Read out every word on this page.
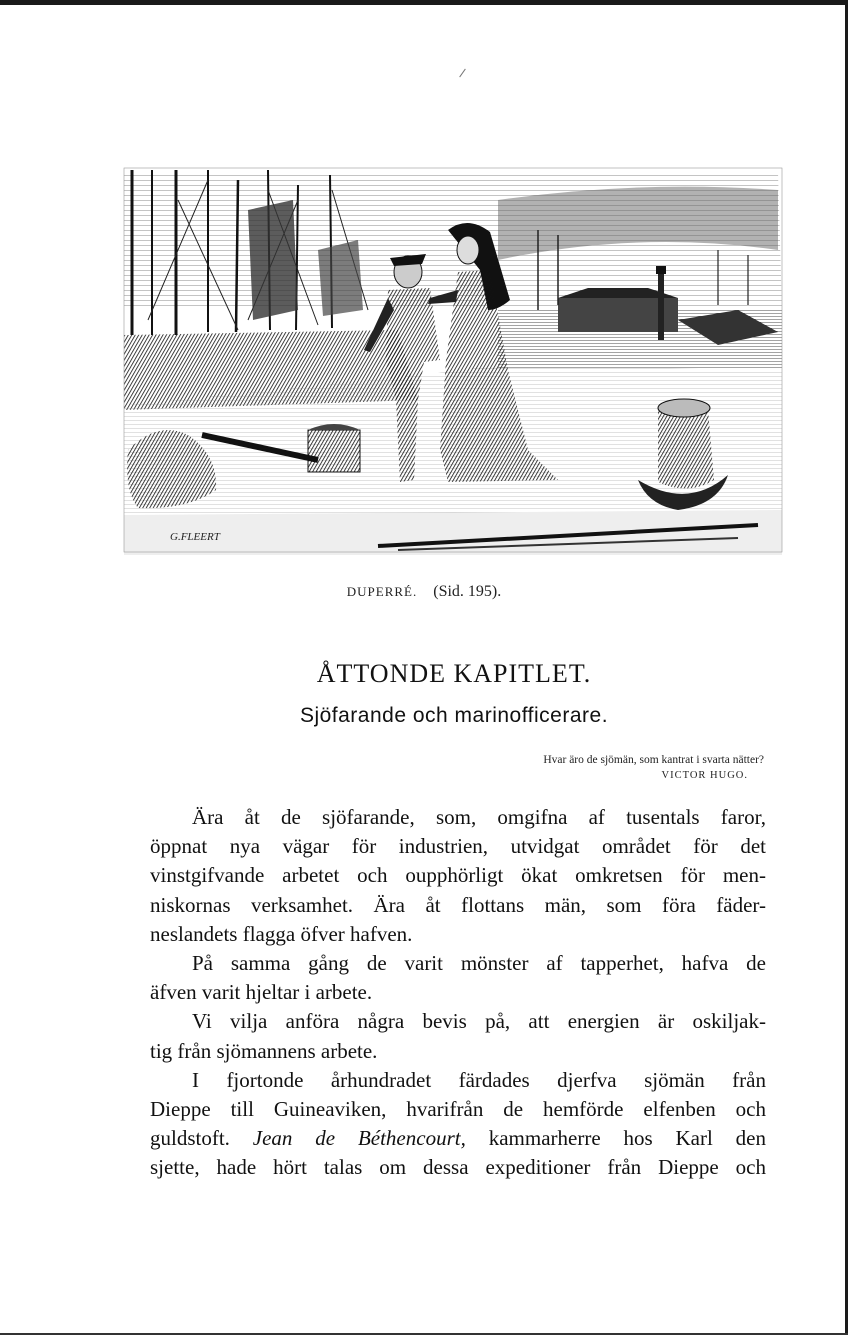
G.FLEERT
DUPERRÉ. (Sid. 195).
ÅTTONDE KAPITLET.
Sjöfarande och marinofficerare.
Hvar äro de sjömän, som kantrat i svarta nätter?
VICTOR HUGO.
Ära åt de sjöfarande, som, omgifna af tusentals faror,
öppnat nya vägar för industrien, utvidgat området för det
vinstgifvande arbetet och oupphörligt ökat omkretsen för men-
niskornas verksamhet. Ära åt flottans män, som föra fäder-
neslandets flagga öfver hafven.
På samma gång de varit mönster af tapperhet, hafva de
äfven varit hjeltar i arbete.
Vi vilja anföra några bevis på, att energien är oskiljak-
tig från sjömannens arbete.
I fjortonde århundradet färdades djerfva sjömän från
Dieppe till Guineaviken, hvarifrån de hemförde elfenben och
guldstoft. Jean de Béthencourt, kammarherre hos Karl den
sjette, hade hört talas om dessa expeditioner från Dieppe och
